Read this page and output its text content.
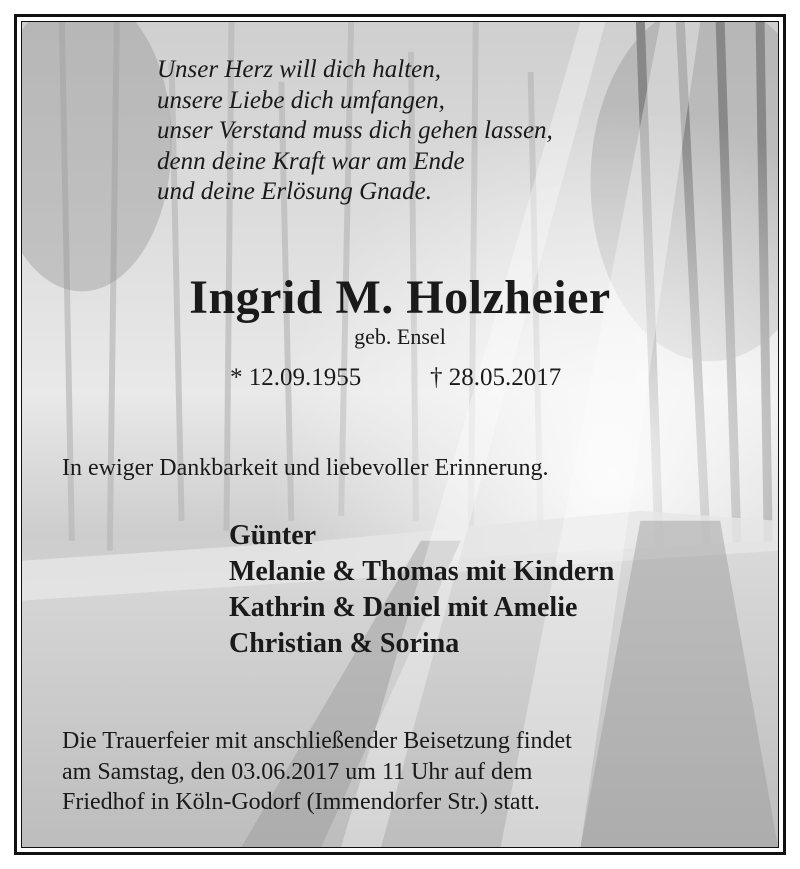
Unser Herz will dich halten,
unsere Liebe dich umfangen,
unser Verstand muss dich gehen lassen,
denn deine Kraft war am Ende
und deine Erlösung Gnade.
Ingrid M. Holzheier
geb. Ensel
* 12.09.1955	† 28.05.2017
In ewiger Dankbarkeit und liebevoller Erinnerung.
Günter
Melanie & Thomas mit Kindern
Kathrin & Daniel mit Amelie
Christian & Sorina
Die Trauerfeier mit anschließender Beisetzung findet
am Samstag, den 03.06.2017 um 11 Uhr auf dem
Friedhof in Köln-Godorf (Immendorfer Str.) statt.
